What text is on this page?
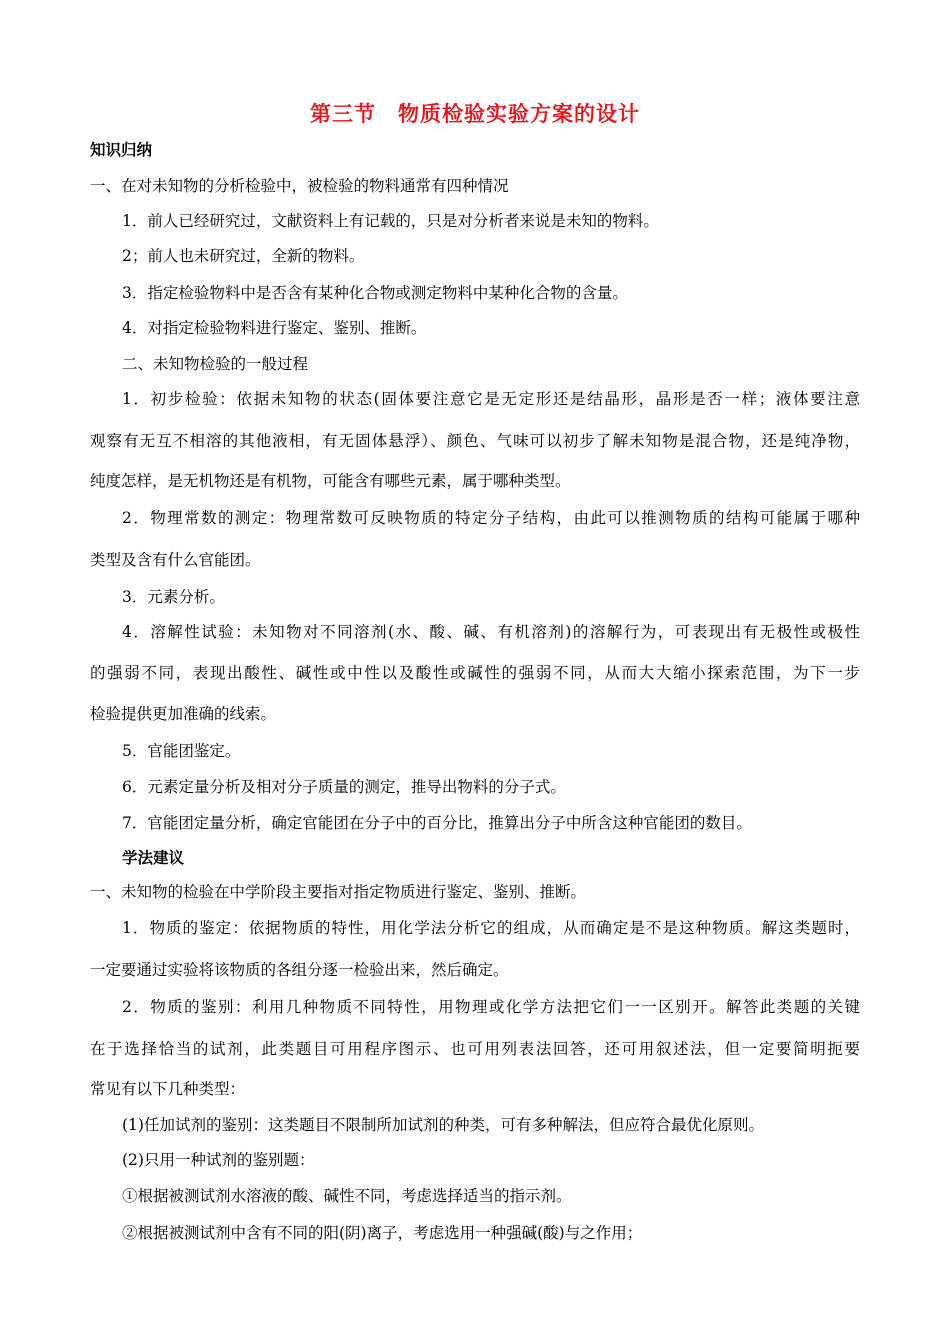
第三节　物质检验实验方案的设计
知识归纳
一、在对未知物的分析检验中，被检验的物料通常有四种情况
1．前人已经研究过，文献资料上有记载的，只是对分析者来说是未知的物料。
2；前人也未研究过，全新的物料。
3．指定检验物料中是否含有某种化合物或测定物料中某种化合物的含量。
4．对指定检验物料进行鉴定、鉴别、推断。
二、未知物检验的一般过程
1．初步检验：依据未知物的状态(固体要注意它是无定形还是结晶形，晶形是否一样；液体要注意
观察有无互不相溶的其他液相，有无固体悬浮）、颜色、气味可以初步了解未知物是混合物，还是纯净物，
纯度怎样，是无机物还是有机物，可能含有哪些元素，属于哪种类型。
2．物理常数的测定：物理常数可反映物质的特定分子结构，由此可以推测物质的结构可能属于哪种
类型及含有什么官能团。
3．元素分析。
4．溶解性试验：未知物对不同溶剂(水、酸、碱、有机溶剂)的溶解行为，可表现出有无极性或极性
的强弱不同，表现出酸性、碱性或中性以及酸性或碱性的强弱不同，从而大大缩小探索范围，为下一步
检验提供更加准确的线索。
5．官能团鉴定。
6．元素定量分析及相对分子质量的测定，推导出物料的分子式。
7．官能团定量分析，确定官能团在分子中的百分比，推算出分子中所含这种官能团的数目。
学法建议
一、未知物的检验在中学阶段主要指对指定物质进行鉴定、鉴别、推断。
1．物质的鉴定：依据物质的特性，用化学法分析它的组成，从而确定是不是这种物质。解这类题时，
一定要通过实验将该物质的各组分逐一检验出来，然后确定。
2．物质的鉴别：利用几种物质不同特性，用物理或化学方法把它们一一区别开。解答此类题的关键
在于选择恰当的试剂，此类题目可用程序图示、也可用列表法回答，还可用叙述法，但一定要简明扼要
常见有以下几种类型：
(1)任加试剂的鉴别：这类题目不限制所加试剂的种类，可有多种解法，但应符合最优化原则。
(2)只用一种试剂的鉴别题：
①根据被测试剂水溶液的酸、碱性不同，考虑选择适当的指示剂。
②根据被测试剂中含有不同的阳(阴)离子，考虑选用一种强碱(酸)与之作用；
